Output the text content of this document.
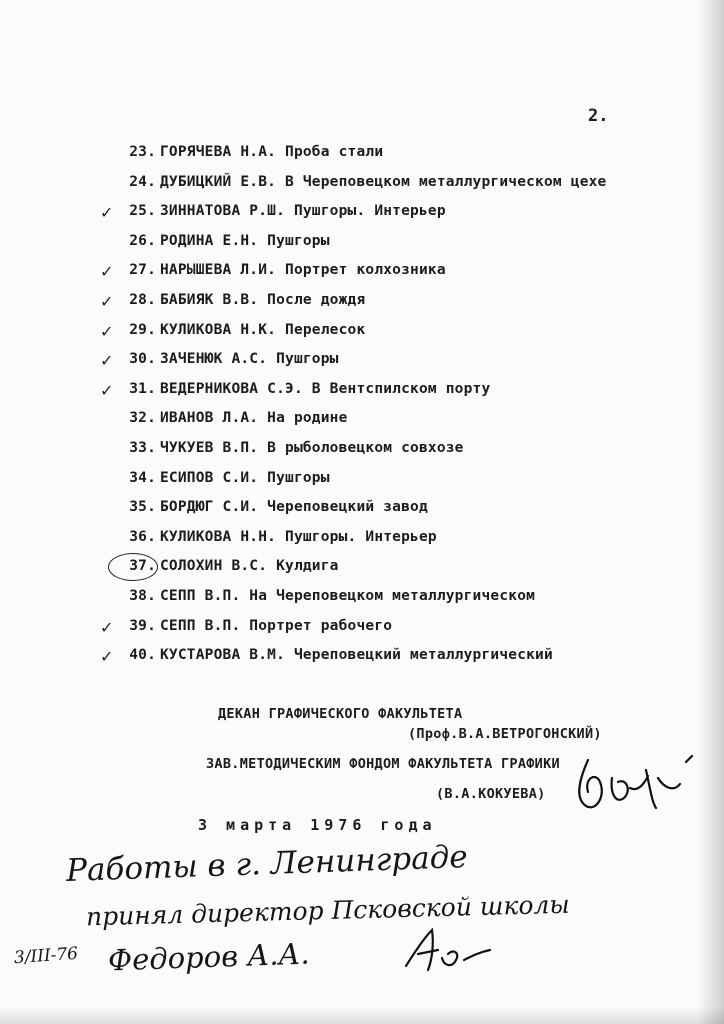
2.
23. ГОРЯЧЕВА Н.А. Проба стали
24. ДУБИЦКИЙ Е.В. В Череповецком металлургическом цехе
✓	25. ЗИННАТОВА Р.Ш. Пушгоры. Интерьер
26. РОДИНА Е.Н. Пушгоры
✓	27. НАРЫШЕВА Л.И. Портрет колхозника
✓	28. БАБИЯК В.В. После дождя
✓	29. КУЛИКОВА Н.К. Перелесок
✓	30. ЗАЧЕНЮК А.С. Пушгоры
✓	31. ВЕДЕРНИКОВА С.Э. В Вентспилском порту
32. ИВАНОВ Л.А. На родине
33. ЧУКУЕВ В.П. В рыболовецком совхозе
34. ЕСИПОВ С.И. Пушгоры
35. БОРДЮГ С.И. Череповецкий завод
36. КУЛИКОВА Н.Н. Пушгоры. Интерьер
37. СОЛОХИН В.С. Кулдига
38. СЕПП В.П. На Череповецком металлургическом
✓	39. СЕПП В.П. Портрет рабочего
✓	40. КУСТАРОВА В.М. Череповецкий металлургический
ДЕКАН ГРАФИЧЕСКОГО ФАКУЛЬТЕТА
(Проф.В.А.ВЕТРОГОНСКИЙ)
ЗАВ.МЕТОДИЧЕСКИМ ФОНДОМ ФАКУЛЬТЕТА ГРАФИКИ
(В.А.КОКУЕВА)
3 марта 1976 года
Работы в г. Ленинграде
принял директор Псковской школы
3/III-76 Федоров А.А.
